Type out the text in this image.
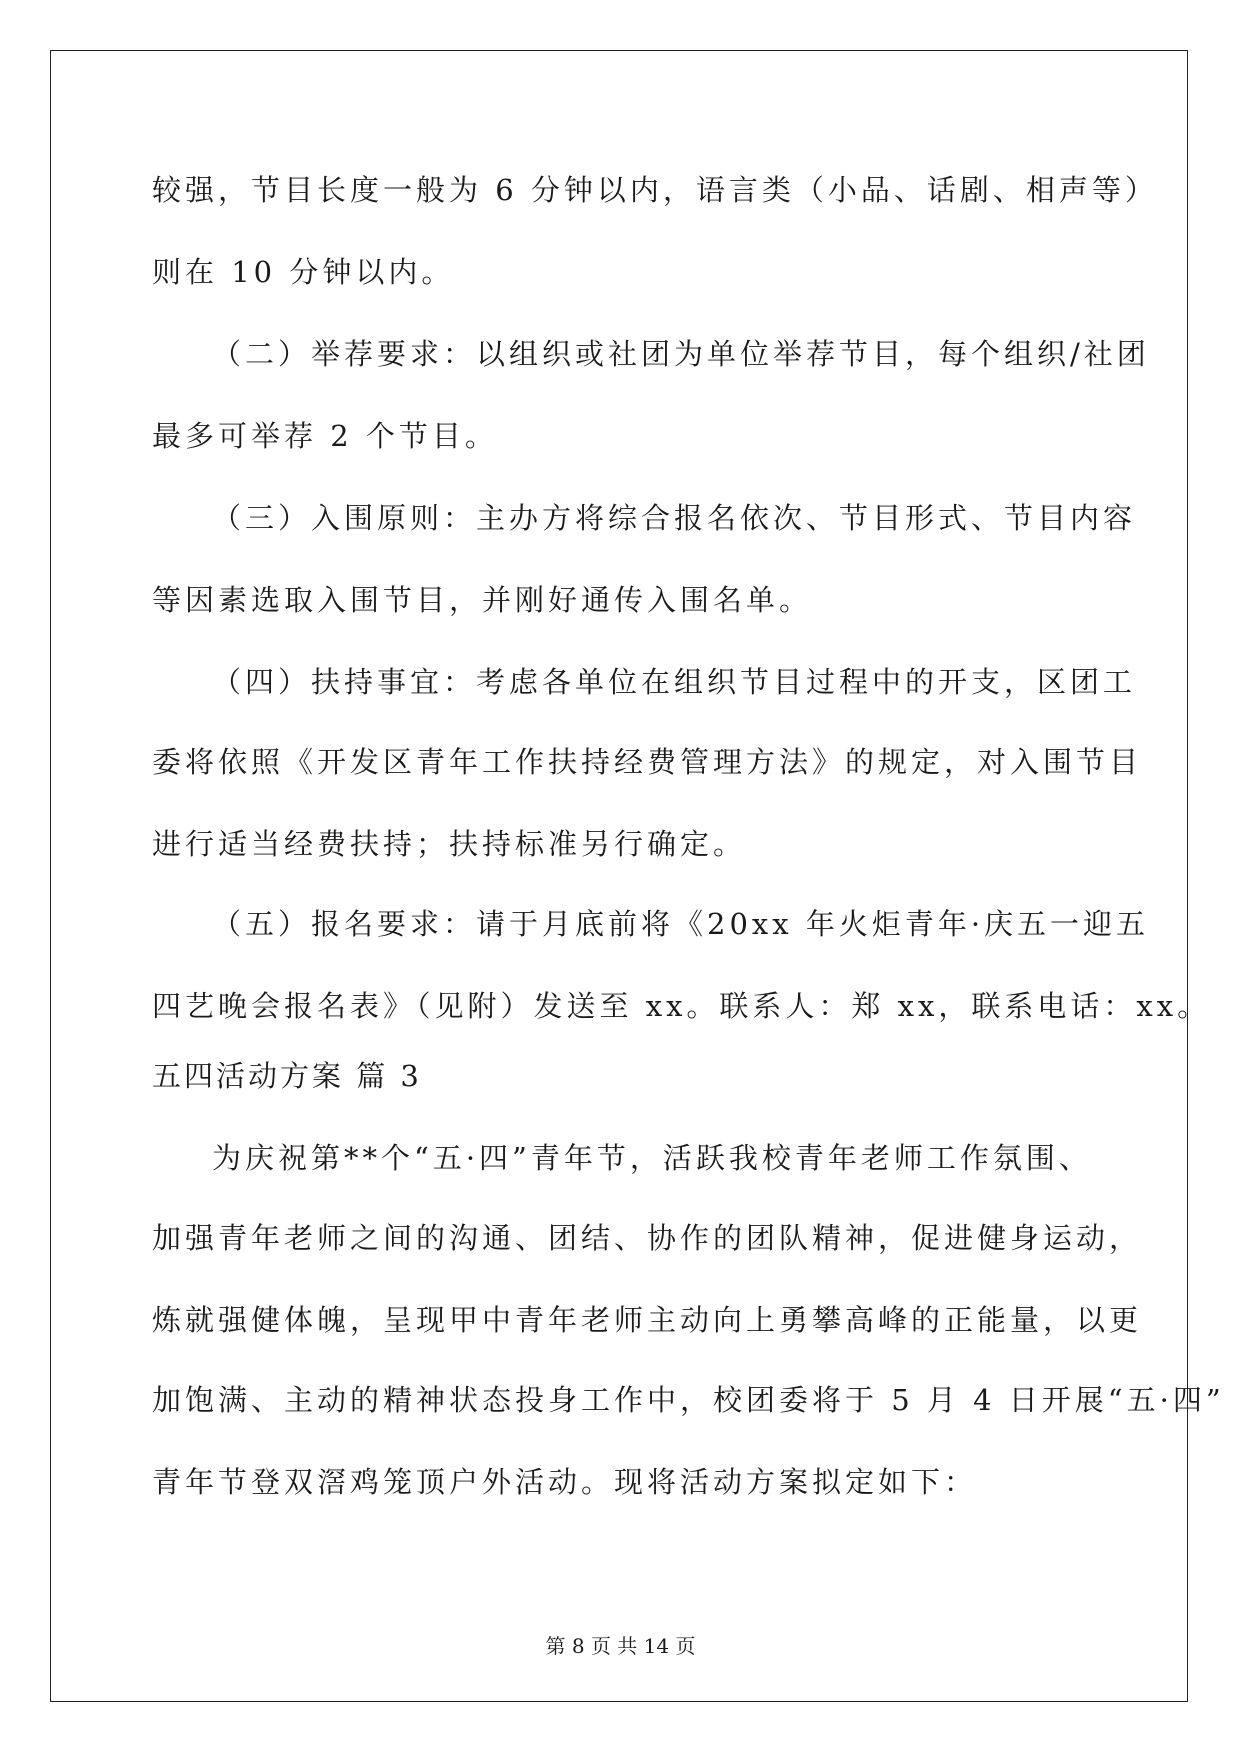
较强，节目长度一般为 6 分钟以内，语言类（小品、话剧、相声等）

则在 10 分钟以内。

（二）举荐要求：以组织或社团为单位举荐节目，每个组织/社团

最多可举荐 2 个节目。

（三）入围原则：主办方将综合报名依次、节目形式、节目内容

等因素选取入围节目，并刚好通传入围名单。

（四）扶持事宜：考虑各单位在组织节目过程中的开支，区团工

委将依照《开发区青年工作扶持经费管理方法》的规定，对入围节目

进行适当经费扶持；扶持标准另行确定。

（五）报名要求：请于月底前将《20xx 年火炬青年·庆五一迎五

四艺晚会报名表》（见附）发送至 xx。联系人：郑 xx，联系电话：xx。

五四活动方案 篇 3

为庆祝第**个“五·四”青年节，活跃我校青年老师工作氛围、

加强青年老师之间的沟通、团结、协作的团队精神，促进健身运动，

炼就强健体魄，呈现甲中青年老师主动向上勇攀高峰的正能量，以更

加饱满、主动的精神状态投身工作中，校团委将于 5 月 4 日开展“五·四”

青年节登双滘鸡笼顶户外活动。现将活动方案拟定如下：

第 8 页 共 14 页
